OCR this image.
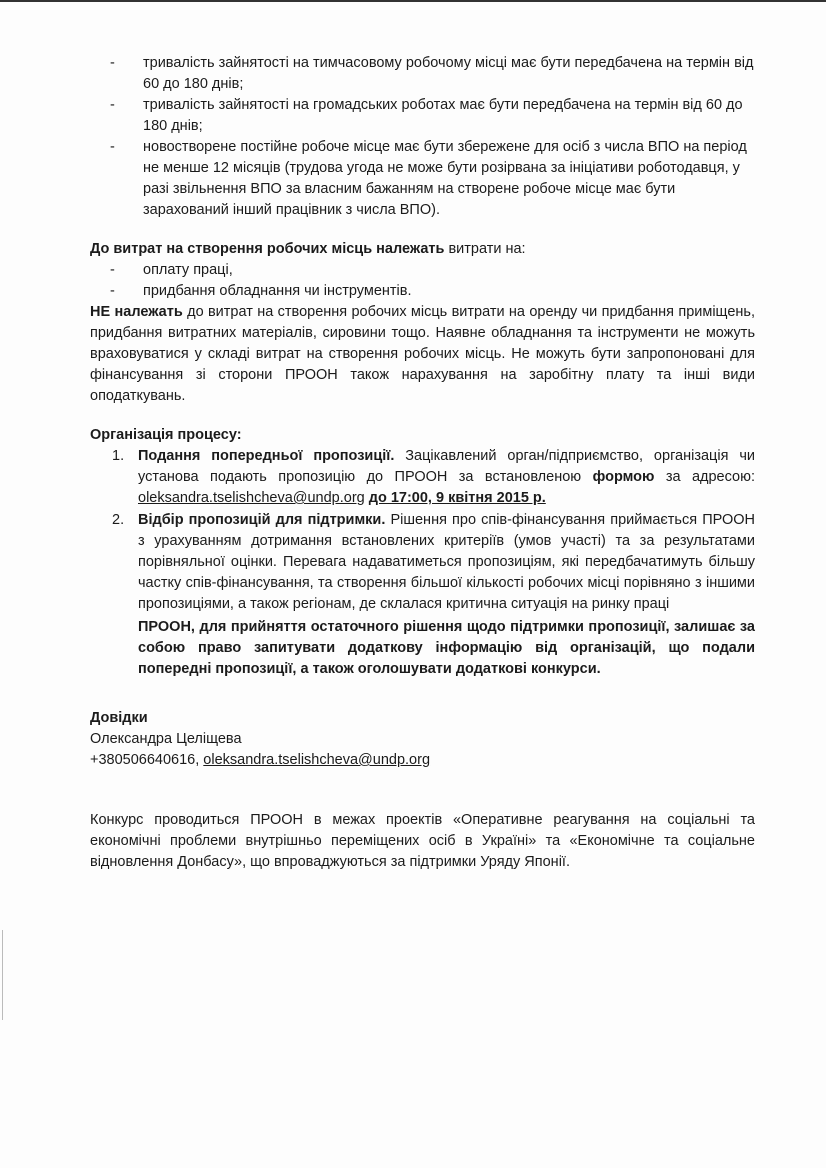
-	тривалість зайнятості на тимчасовому робочому місці має бути передбачена на термін від 60 до 180 днів;
-	тривалість зайнятості на громадських роботах має бути передбачена на термін від 60 до 180 днів;
-	новостворене постійне робоче місце має бути збережене для осіб з числа ВПО на період не менше 12 місяців (трудова угода не може бути розірвана за ініціативи роботодавця, у разі звільнення ВПО за власним бажанням на створене робоче місце має бути зарахований інший працівник з числа ВПО).
До витрат на створення робочих місць належать витрати на:
-	оплату праці,
-	придбання обладнання чи інструментів.
НЕ належать до витрат на створення робочих місць витрати на оренду чи придбання приміщень, придбання витратних матеріалів, сировини тощо. Наявне обладнання та інструменти не можуть враховуватися у складі витрат на створення робочих місць. Не можуть бути запропоновані для фінансування зі сторони ПРООН також нарахування на заробітну плату та інші види оподаткувань.
Організація процесу:
1. Подання попередньої пропозиції. Зацікавлений орган/підприємство, організація чи установа подають пропозицію до ПРООН за встановленою формою за адресою: oleksandra.tselishcheva@undp.org до 17:00, 9 квітня 2015 р.
2. Відбір пропозицій для підтримки. Рішення про спів-фінансування приймається ПРООН з урахуванням дотримання встановлених критеріїв (умов участі) та за результатами порівняльної оцінки. Перевага надаватиметься пропозиціям, які передбачатимуть більшу частку спів-фінансування, та створення більшої кількості робочих місці порівняно з іншими пропозиціями, а також регіонам, де склалася критична ситуація на ринку праці
ПРООН, для прийняття остаточного рішення щодо підтримки пропозиції, залишає за собою право запитувати додаткову інформацію від організацій, що подали попередні пропозиції, а також оголошувати додаткові конкурси.
Довідки
Олександра Целіщева
+380506640616, oleksandra.tselishcheva@undp.org
Конкурс проводиться ПРООН в межах проектів «Оперативне реагування на соціальні та економічні проблеми внутрішньо переміщених осіб в Україні» та «Економічне та соціальне відновлення Донбасу», що впроваджуються за підтримки Уряду Японії.
